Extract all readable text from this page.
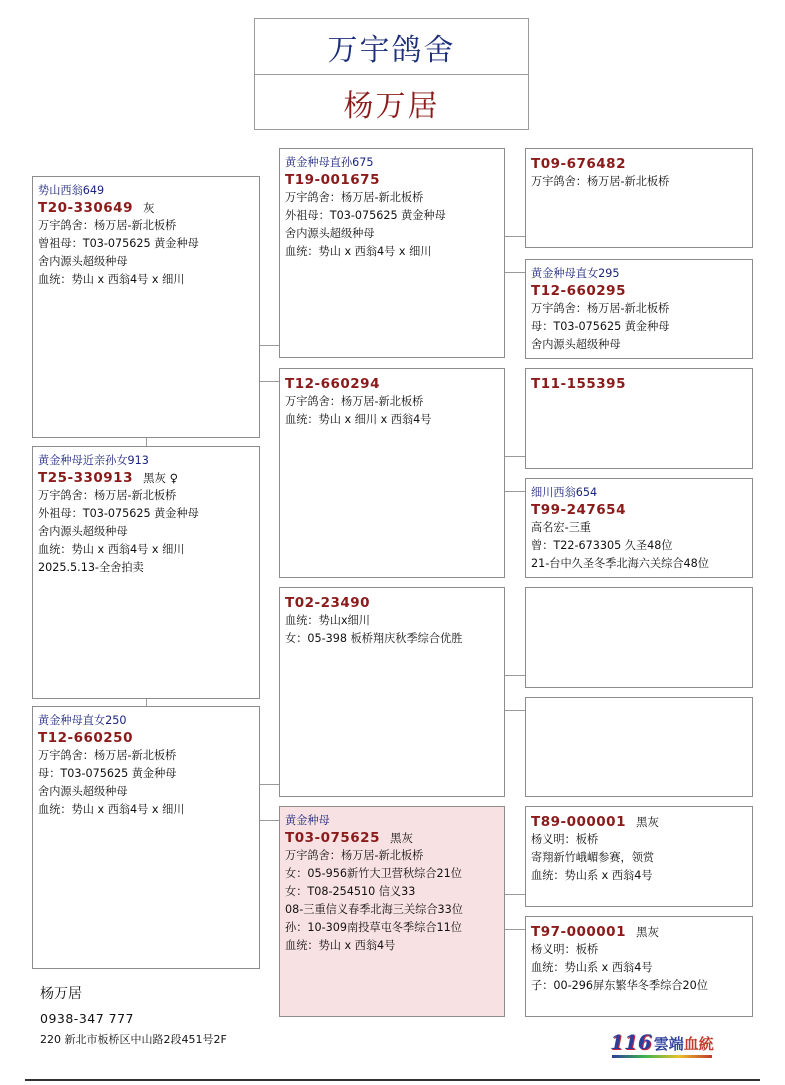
万宇鸽舍
杨万居
势山西翁649
T20-330649 灰
万宇鸽舍：杨万居-新北板桥
曾祖母：T03-075625 黄金种母
舍内源头超级种母
血统：势山 x 西翁4号 x 细川
黄金种母近亲孙女913
T25-330913 黑灰 ♀
万宇鸽舍：杨万居-新北板桥
外祖母：T03-075625 黄金种母
舍内源头超级种母
血统：势山 x 西翁4号 x 细川
2025.5.13-全舍拍卖
黄金种母直女250
T12-660250
万宇鸽舍：杨万居-新北板桥
母：T03-075625 黄金种母
舍内源头超级种母
血统：势山 x 西翁4号 x 细川
黄金种母直孙675
T19-001675
万宇鸽舍：杨万居-新北板桥
外祖母：T03-075625 黄金种母
舍内源头超级种母
血统：势山 x 西翁4号 x 细川
T12-660294
万宇鸽舍：杨万居-新北板桥
血统：势山 x 细川 x 西翁4号
T02-23490
血统：势山x细川
女：05-398 板桥翔庆秋季综合优胜
黄金种母
T03-075625 黑灰
万宇鸽舍：杨万居-新北板桥
女：05-956新竹大卫营秋综合21位
女：T08-254510 信义33
08-三重信义春季北海三关综合33位
孙：10-309南投草屯冬季综合11位
血统：势山 x 西翁4号
T09-676482
万宇鸽舍：杨万居-新北板桥
黄金种母直女295
T12-660295
万宇鸽舍：杨万居-新北板桥
母：T03-075625 黄金种母
舍内源头超级种母
T11-155395
细川西翁654
T99-247654
高名宏-三重
曾：T22-673305 久圣48位
21-台中久圣冬季北海六关综合48位
T89-000001 黑灰
杨义明：板桥
寄翔新竹峨嵋参赛，领赏
血统：势山系 x 西翁4号
T97-000001 黑灰
杨义明：板桥
血统：势山系 x 西翁4号
子：00-296屏东繁华冬季综合20位
杨万居
0938-347 777
220 新北市板桥区中山路2段451号2F	116 雲端血統
